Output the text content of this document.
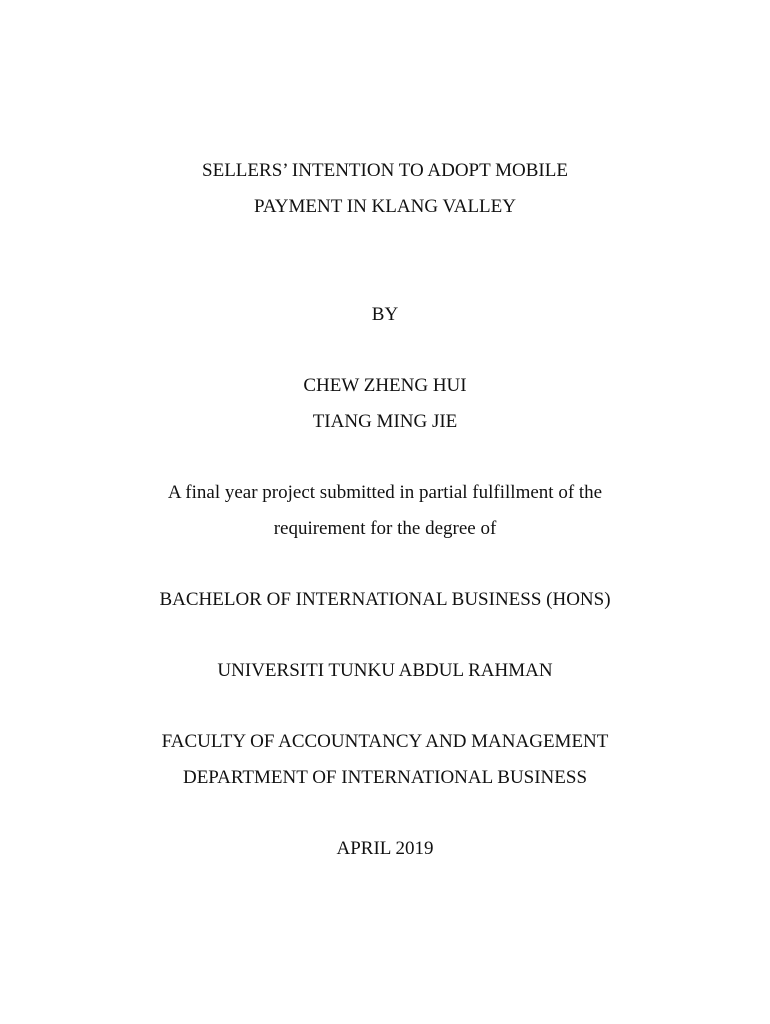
SELLERS’ INTENTION TO ADOPT MOBILE
PAYMENT IN KLANG VALLEY
BY
CHEW ZHENG HUI
TIANG MING JIE
A final year project submitted in partial fulfillment of the
requirement for the degree of
BACHELOR OF INTERNATIONAL BUSINESS (HONS)
UNIVERSITI TUNKU ABDUL RAHMAN
FACULTY OF ACCOUNTANCY AND MANAGEMENT
DEPARTMENT OF INTERNATIONAL BUSINESS
APRIL 2019
